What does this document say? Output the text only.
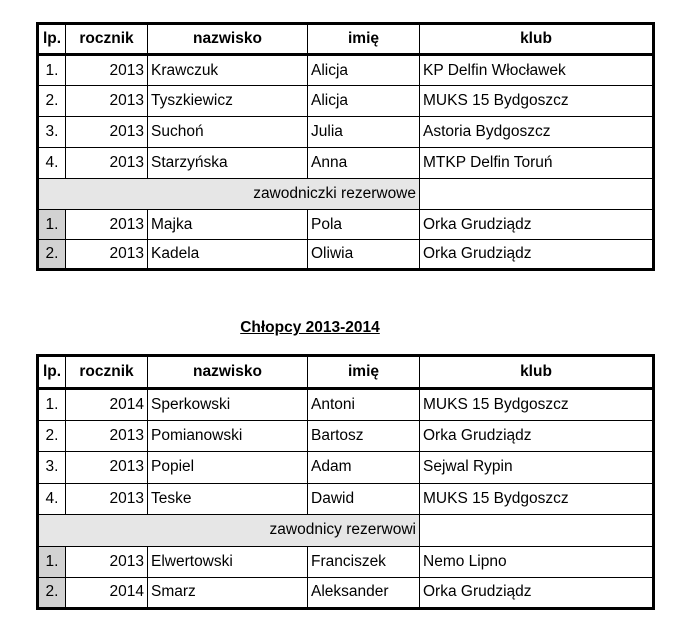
lp.	rocznik	nazwisko	imię	klub
1.	2013	Krawczuk	Alicja	KP Delfin Włocławek
2.	2013	Tyszkiewicz	Alicja	MUKS 15 Bydgoszcz
3.	2013	Suchoń	Julia	Astoria Bydgoszcz
4.	2013	Starzyńska	Anna	MTKP Delfin Toruń
zawodniczki rezerwowe				
1.	2013	Majka	Pola	Orka Grudziądz
2.	2013	Kadela	Oliwia	Orka Grudziądz
Chłopcy 2013-2014
lp.	rocznik	nazwisko	imię	klub
1.	2014	Sperkowski	Antoni	MUKS 15 Bydgoszcz
2.	2013	Pomianowski	Bartosz	Orka Grudziądz
3.	2013	Popiel	Adam	Sejwal Rypin
4.	2013	Teske	Dawid	MUKS 15 Bydgoszcz
zawodnicy rezerwowi				
1.	2013	Elwertowski	Franciszek	Nemo Lipno
2.	2014	Smarz	Aleksander	Orka Grudziądz
